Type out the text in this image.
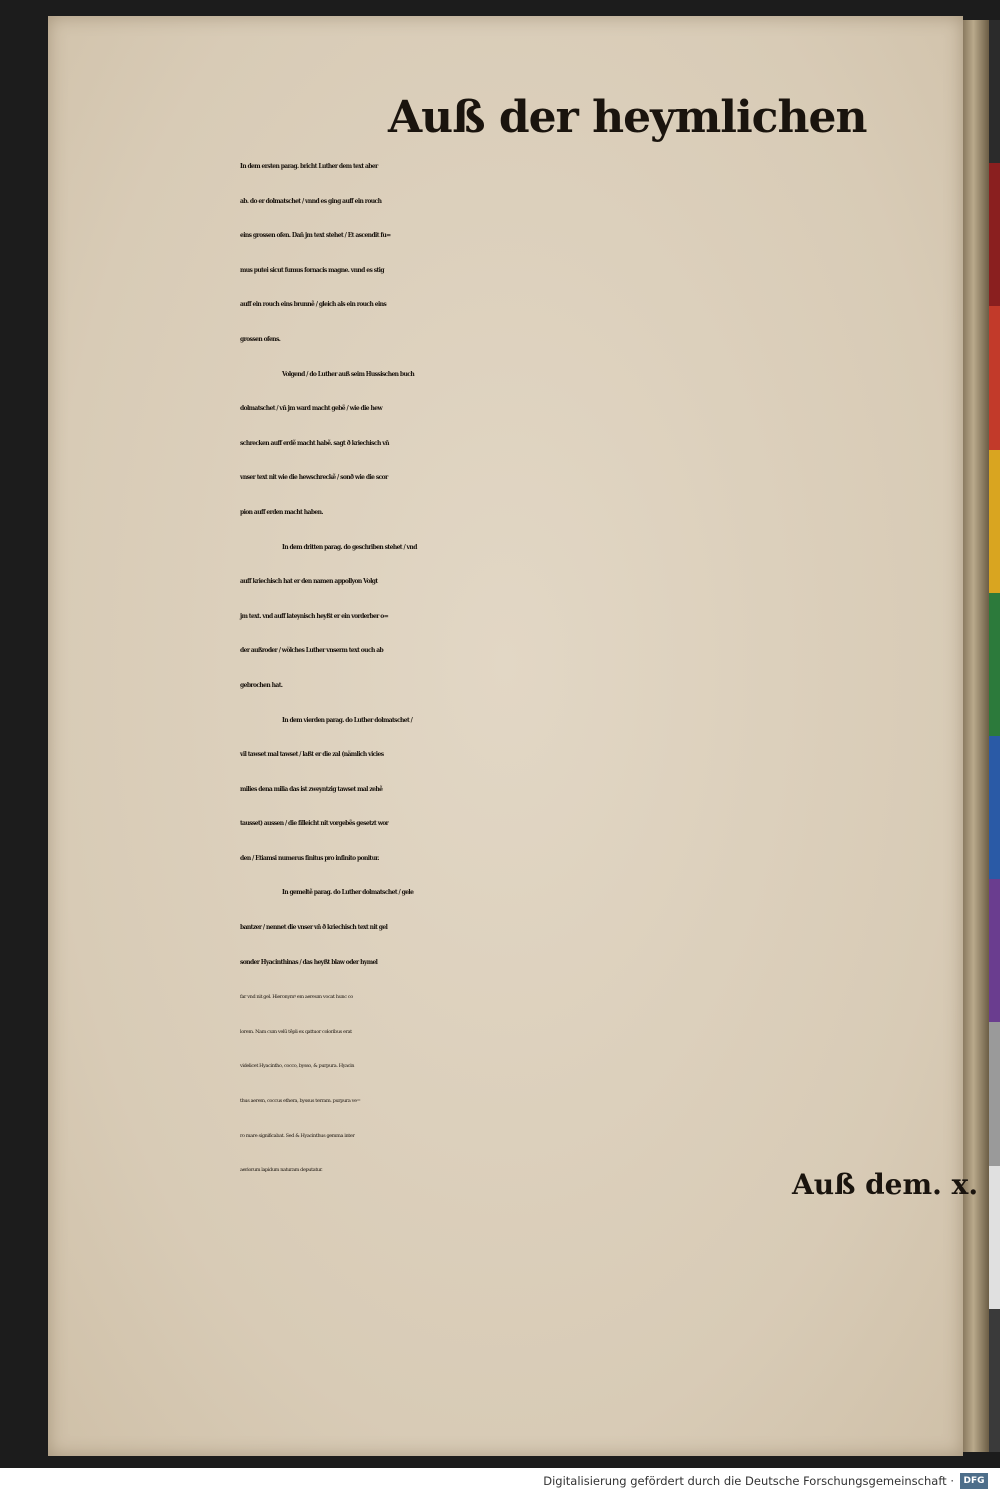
Auß der heymlichen
In dem ersten parag. bricht Luther dem text aber
ab. do er dolmatschet / vnnd es ging auff ein rouch
eins grossen ofen. Dañ jm text stehet / Et ascendit fu=
mus putei sicut fumus fornacis magne. vnnd es stig
auff ein rouch eins brunnẽ / gleich als ein rouch eins
grossen ofens.
Volgend / do Luther auß seim Hussischen buch
dolmatschet / vñ jm ward macht gebẽ / wie die hew
schrecken auff erdẽ macht habẽ. sagt ð kriechisch vñ
vnser text nit wie die hewschreckẽ / sonð wie die scor
pion auff erden macht haben.
In dem dritten parag. do geschriben stehet / vnd
auff kriechisch hat er den namen appollyon Volgt
jm text. vnd auff lateynisch heyßt er ein vorderber o=
der außroder / wölches Luther vnserm text ouch ab
gebrochen hat.
In dem vierden parag. do Luther dolmatschet /
vil tawset mal tawset / laßt er die zal (nämlich vicies
milies dena milia das ist zweyntzig tawset mal zehẽ
tausset) aussen / die filleicht nit vorgebẽs gesetzt wor
den / Etiamsi numerus finitus pro infinito ponitur.
In gemeltẽ parag. do Luther dolmatschet / gele
bantzer / nennet die vnser vñ ð kriechisch text nit gel
sonder Hyacinthinas / das heyßt blaw oder hymel
far vnd nit gel. Hieronymꝰ em aereum vocat hunc co
lorem. Nam cum velũ tẽpli ex qattuor coloribus erat
videlicet Hyacintho, cocco, bysso, & purpura. Hyacin
thus aerem, coccus ethera, byssus terram. purpura ve=
ro mare significabat. Sed & Hyacinthus gemma inter
aeriorum lapidum naturam deputatur.	Auß dem. x.
Digitalisierung gefördert durch die Deutsche Forschungsgemeinschaft ·	DFG
